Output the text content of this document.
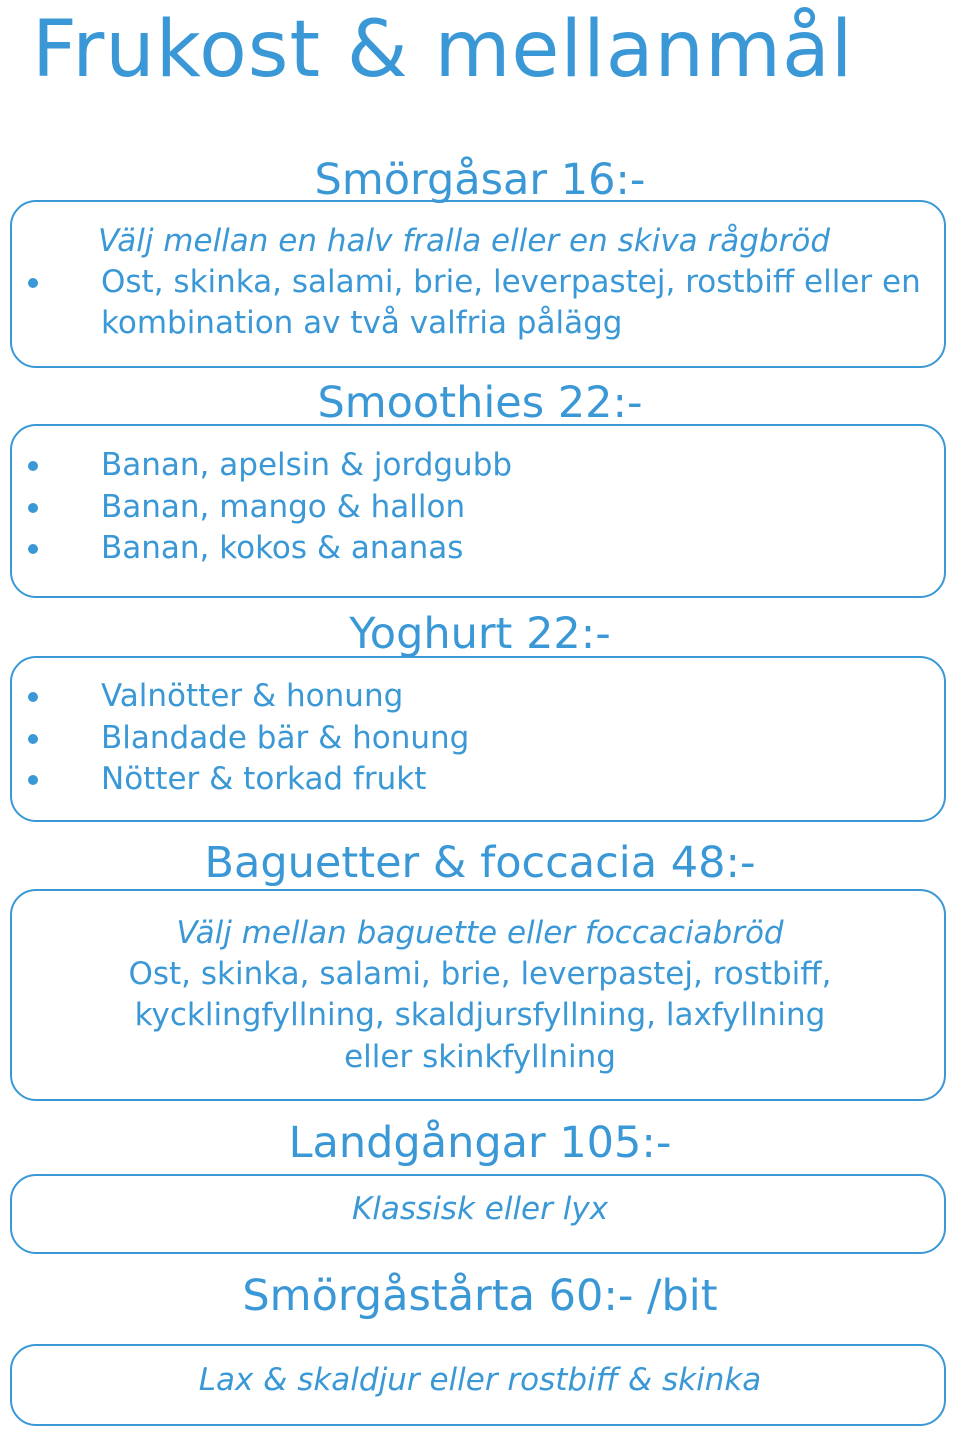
Frukost & mellanmål
Smörgåsar 16:-
Välj mellan en halv fralla eller en skiva rågbröd
Ost, skinka, salami, brie, leverpastej, rostbiff eller en
kombination av två valfria pålägg
Smoothies 22:-
Banan, apelsin & jordgubb
Banan, mango & hallon
Banan, kokos & ananas
Yoghurt 22:-
Valnötter & honung
Blandade bär & honung
Nötter & torkad frukt
Baguetter & foccacia 48:-
Välj mellan baguette eller foccaciabröd
Ost, skinka, salami, brie, leverpastej, rostbiff,
kycklingfyllning, skaldjursfyllning, laxfyllning
eller skinkfyllning
Landgångar 105:-
Klassisk eller lyx
Smörgåstårta 60:- /bit
Lax & skaldjur eller rostbiff & skinka
